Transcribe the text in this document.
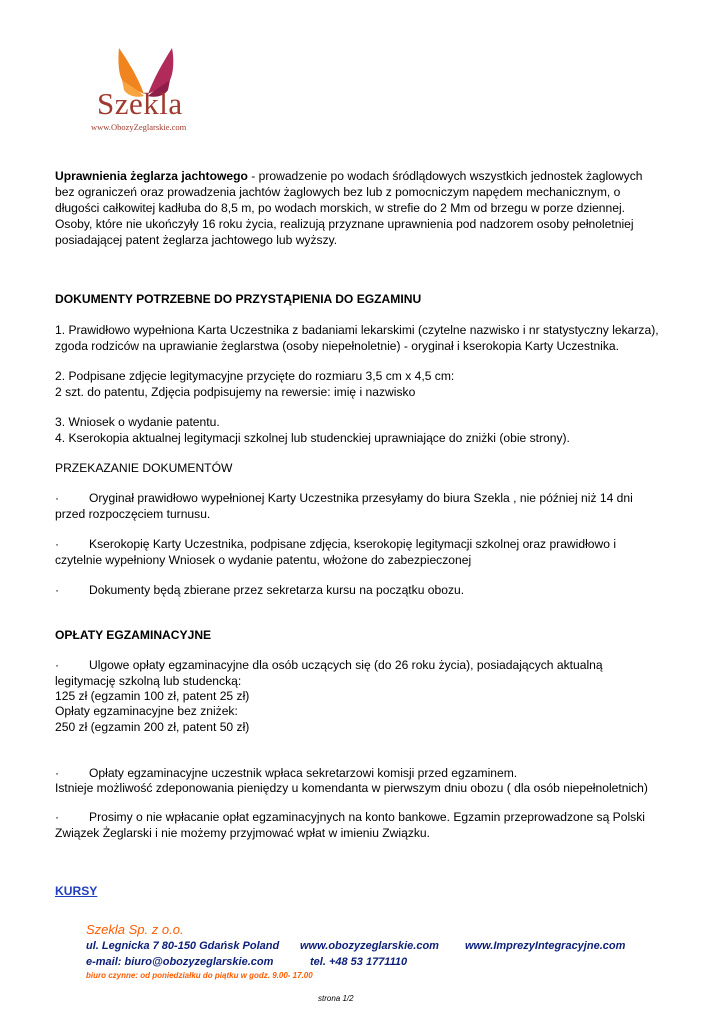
Szekla
www.ObozyZeglarskie.com

Uprawnienia żeglarza jachtowego - prowadzenie po wodach śródlądowych wszystkich jednostek żaglowych

bez ograniczeń oraz prowadzenia jachtów żaglowych bez lub z pomocniczym napędem mechanicznym, o

długości całkowitej kadłuba do 8,5 m, po wodach morskich, w strefie do 2 Mm od brzegu w porze dziennej.

Osoby, które nie ukończyły 16 roku życia, realizują przyznane uprawnienia pod nadzorem osoby pełnoletniej

posiadającej patent żeglarza jachtowego lub wyższy.

DOKUMENTY POTRZEBNE DO PRZYSTĄPIENIA DO EGZAMINU

1. Prawidłowo wypełniona Karta Uczestnika z badaniami lekarskimi (czytelne nazwisko i nr statystyczny lekarza),

zgoda rodziców na uprawianie żeglarstwa (osoby niepełnoletnie) - oryginał i kserokopia Karty Uczestnika.

2. Podpisane zdjęcie legitymacyjne przycięte do rozmiaru 3,5 cm x 4,5 cm:

2 szt. do patentu, Zdjęcia podpisujemy na rewersie: imię i nazwisko

3. Wniosek o wydanie patentu.

4. Kserokopia aktualnej legitymacji szkolnej lub studenckiej uprawniające do zniżki (obie strony).

PRZEKAZANIE DOKUMENTÓW

· Oryginał prawidłowo wypełnionej Karty Uczestnika przesyłamy do biura Szekla , nie później niż 14 dni

przed rozpoczęciem turnusu.

· Kserokopię Karty Uczestnika, podpisane zdjęcia, kserokopię legitymacji szkolnej oraz prawidłowo i

czytelnie wypełniony Wniosek o wydanie patentu, włożone do zabezpieczonej

· Dokumenty będą zbierane przez sekretarza kursu na początku obozu.

OPŁATY EGZAMINACYJNE

· Ulgowe opłaty egzaminacyjne dla osób uczących się (do 26 roku życia), posiadających aktualną

legitymację szkolną lub studencką:

125 zł (egzamin 100 zł, patent 25 zł)

Opłaty egzaminacyjne bez zniżek:

250 zł (egzamin 200 zł, patent 50 zł)

· Opłaty egzaminacyjne uczestnik wpłaca sekretarzowi komisji przed egzaminem.

Istnieje możliwość zdeponowania pieniędzy u komendanta w pierwszym dniu obozu ( dla osób niepełnoletnich)

· Prosimy o nie wpłacanie opłat egzaminacyjnych na konto bankowe. Egzamin przeprowadzone są Polski

Związek Żeglarski i nie możemy przyjmować wpłat w imieniu Związku.

KURSY

Szekla Sp. z o.o.
ul. Legnicka 7 80-150 Gdańsk Poland www.obozyzeglarskie.com www.ImprezyIntegracyjne.com
e-mail: biuro@obozyzeglarskie.com	tel. +48 53 1771110
biuro czynne: od poniedziałku do piątku w godz. 9.00- 17.00
strona 1/2
